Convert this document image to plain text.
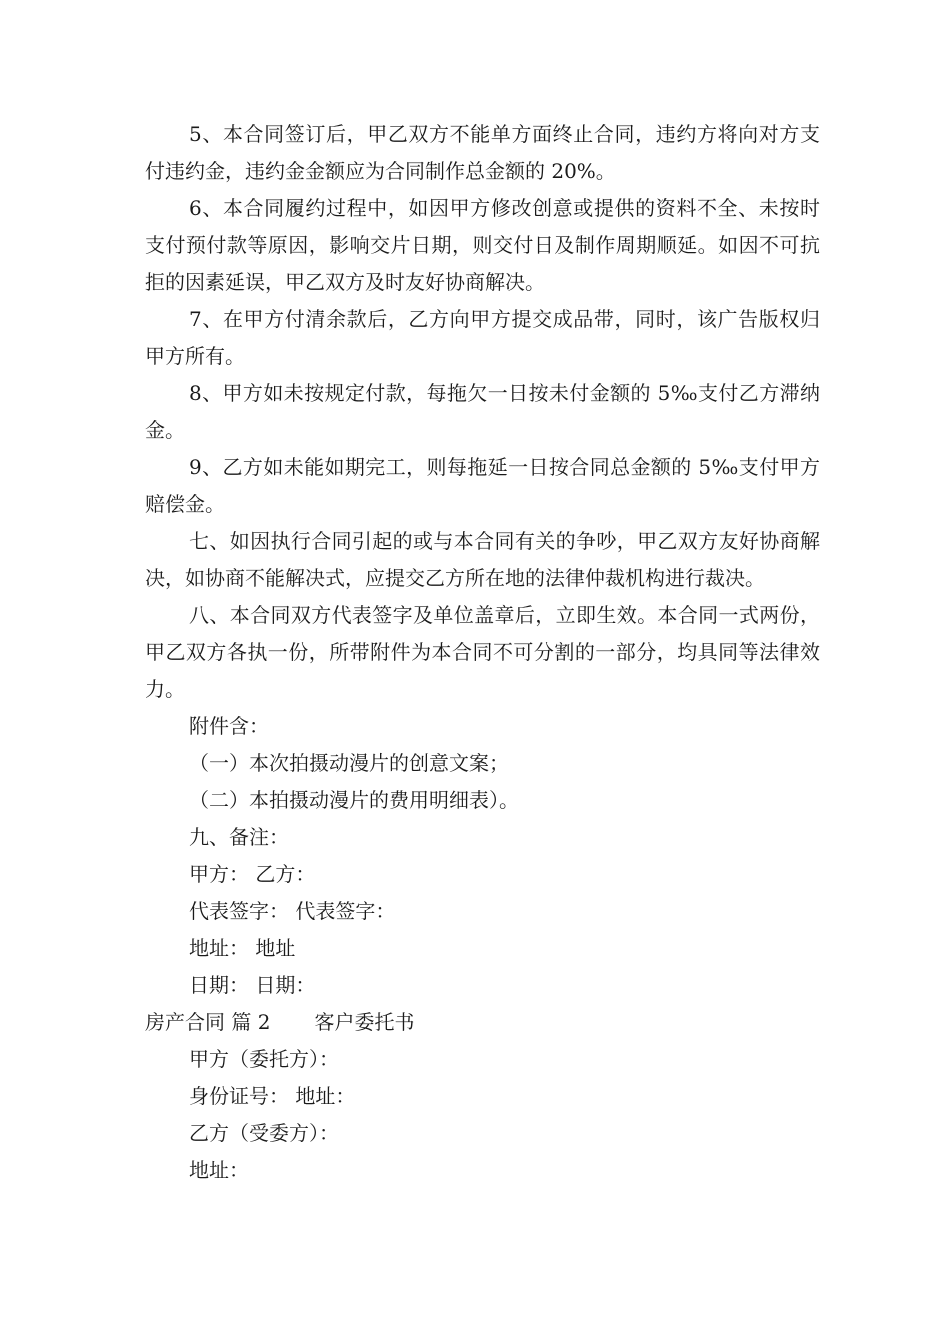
5、本合同签订后，甲乙双方不能单方面终止合同，违约方将向对方支付违约金，违约金金额应为合同制作总金额的 20%。

6、本合同履约过程中，如因甲方修改创意或提供的资料不全、未按时支付预付款等原因，影响交片日期，则交付日及制作周期顺延。如因不可抗拒的因素延误，甲乙双方及时友好协商解决。

7、在甲方付清余款后，乙方向甲方提交成品带，同时，该广告版权归甲方所有。

8、甲方如未按规定付款，每拖欠一日按未付金额的 5‰支付乙方滞纳金。

9、乙方如未能如期完工，则每拖延一日按合同总金额的 5‰支付甲方赔偿金。

七、如因执行合同引起的或与本合同有关的争吵，甲乙双方友好协商解决，如协商不能解决式，应提交乙方所在地的法律仲裁机构进行裁决。

八、本合同双方代表签字及单位盖章后，立即生效。本合同一式两份，甲乙双方各执一份，所带附件为本合同不可分割的一部分，均具同等法律效力。

附件含：

（一）本次拍摄动漫片的创意文案；

（二）本拍摄动漫片的费用明细表）。

九、备注：

甲方： 乙方：

代表签字： 代表签字：

地址： 地址

日期： 日期：

房产合同 篇 2 客户委托书

甲方（委托方）：

身份证号： 地址：

乙方（受委方）：

地址：
